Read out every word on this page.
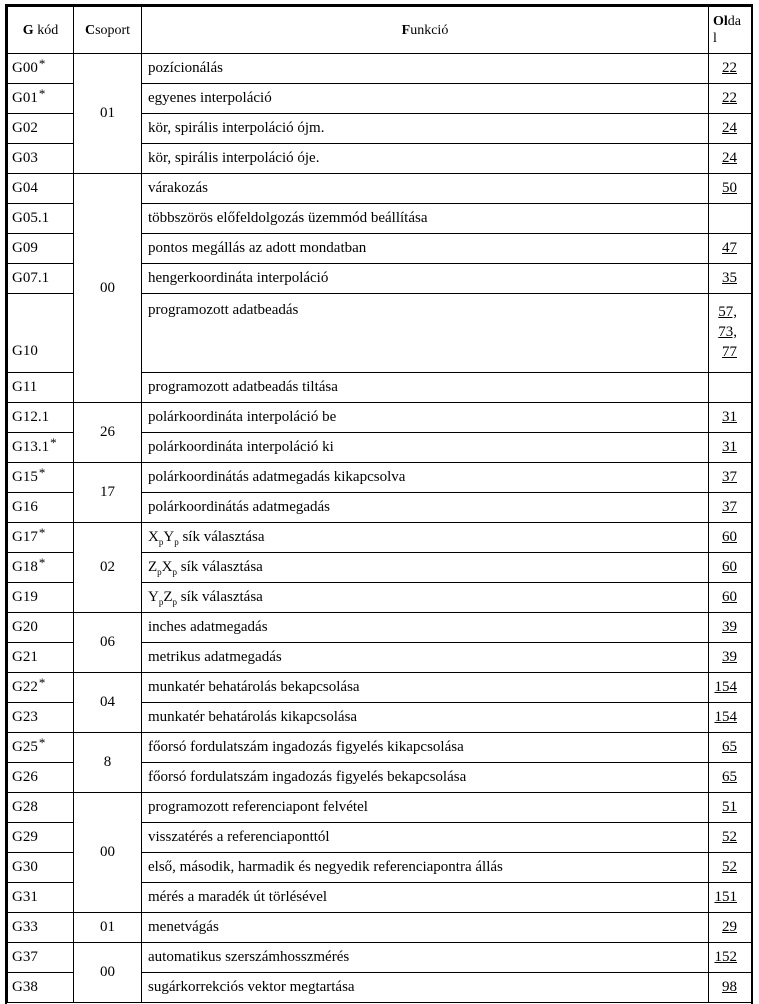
G kód	Csoport	Funkció	Olda
l
G00*	01	pozícionálás	22
G01*		egyenes interpoláció	22
G02		kör, spirális interpoláció ójm.	24
G03		kör, spirális interpoláció óje.	24
G04	00	várakozás	50
G05.1		többszörös előfeldolgozás üzemmód beállítása	
G09		pontos megállás az adott mondatban	47
G07.1		hengerkoordináta interpoláció	35
G10		programozott adatbeadás	57,
73,
77
G11		programozott adatbeadás tiltása	
G12.1	26	polárkoordináta interpoláció be	31
G13.1*		polárkoordináta interpoláció ki	31
G15*	17	polárkoordinátás adatmegadás kikapcsolva	37
G16		polárkoordinátás adatmegadás	37
G17*	02	$X_pY_p$ sík választása	60
G18*		$Z_pX_p$ sík választása	60
G19		$Y_pZ_p$ sík választása	60
G20	06	inches adatmegadás	39
G21		metrikus adatmegadás	39
G22*	04	munkatér behatárolás bekapcsolása	154
G23		munkatér behatárolás kikapcsolása	154
G25*	8	főorsó fordulatszám ingadozás figyelés kikapcsolása	65
G26		főorsó fordulatszám ingadozás figyelés bekapcsolása	65
G28	00	programozott referenciapont felvétel	51
G29		visszatérés a referenciaponttól	52
G30		első, második, harmadik és negyedik referenciapontra állás	52
G31		mérés a maradék út törlésével	151
G33	01	menetvágás	29
G37	00	automatikus szerszámhosszmérés	152
G38		sugárkorrekciós vektor megtartása	98
